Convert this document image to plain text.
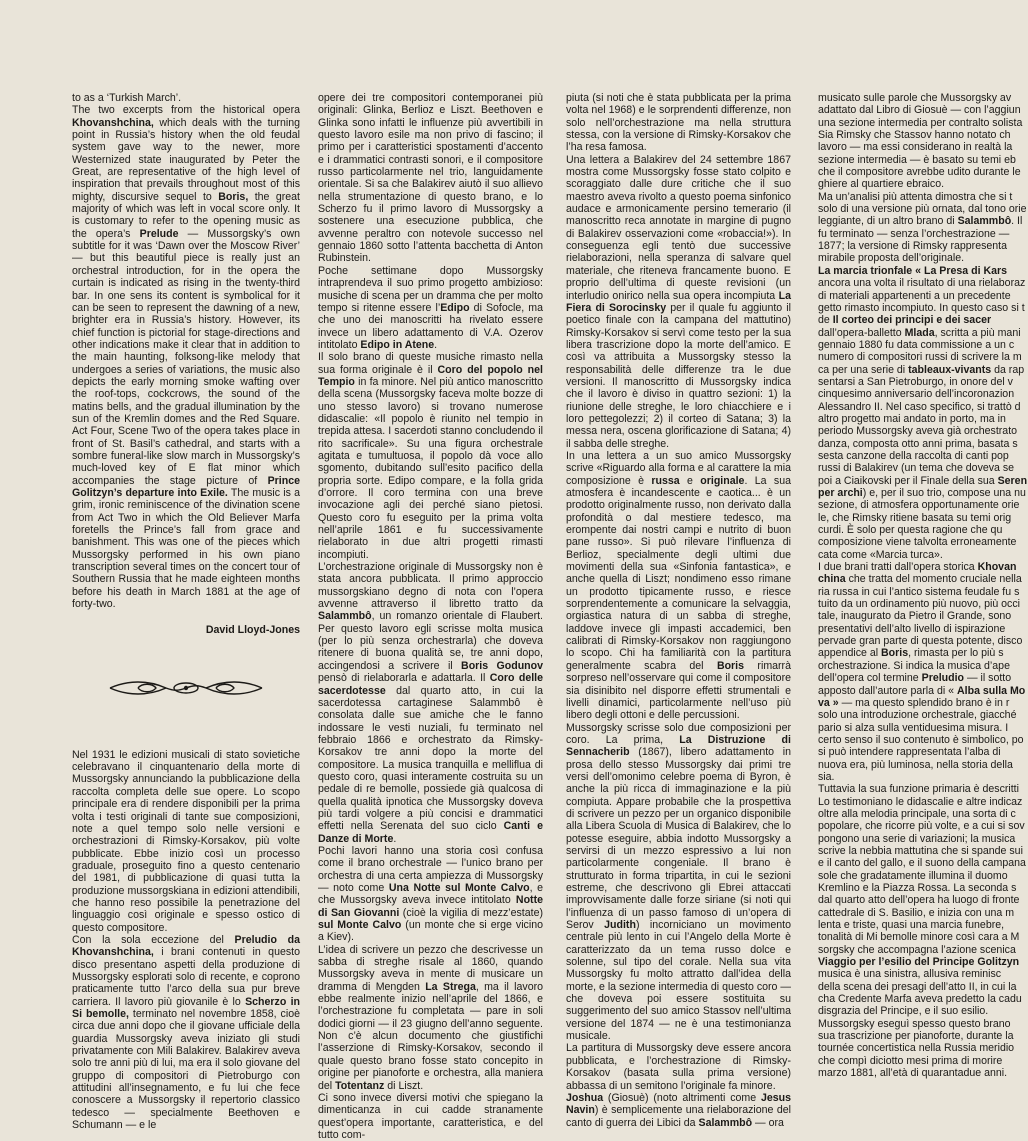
to as a ‘Turkish March’.

The two excerpts from the historical opera Khovanshchina, which deals with the turning point in Russia’s history when the old feudal system gave way to the newer, more Westernized state inaugurated by Peter the Great, are representative of the high level of inspiration that prevails throughout most of this mighty, discursive sequel to Boris, the great majority of which was left in vocal score only. It is customary to refer to the opening music as the opera’s Prelude — Mussorgsky’s own subtitle for it was ‘Dawn over the Moscow River’ — but this beautiful piece is really just an orchestral introduction, for in the opera the curtain is indicated as rising in the twenty-third bar. In one sens its content is symbolical for it can be seen to represent the dawning of a new, brighter era in Russia’s history. However, its chief function is pictorial for stage-directions and other indications make it clear that in addition to the main haunting, folksong-like melody that undergoes a series of variations, the music also depicts the early morning smoke wafting over the roof-tops, cockcrows, the sound of the matins bells, and the gradual illumination by the sun of the Kremlin domes and the Red Square. Act Four, Scene Two of the opera takes place in front of St. Basil’s cathedral, and starts with a sombre funeral-like slow march in Mussorgsky’s much-loved key of E flat minor which accompanies the stage picture of Prince Golitzyn’s departure into Exile. The music is a grim, ironic reminiscence of the divination scene from Act Two in which the Old Believer Marfa foretells the Prince’s fall from grace and banishment. This was one of the pieces which Mussorgsky performed in his own piano transcription several times on the concert tour of Southern Russia that he made eighteen months before his death in March 1881 at the age of forty-two.

David Lloyd-Jones

Nel 1931 le edizioni musicali di stato sovietiche celebravano il cinquantenario della morte di Mussorgsky annunciando la pubblicazione della raccolta completa delle sue opere. Lo scopo principale era di rendere disponibili per la prima volta i testi originali di tante sue composizioni, note a quel tempo solo nelle versioni e orchestrazioni di Rimsky-Korsakov, più volte pubblicate. Ebbe inizio così un processo graduale, proseguito fino a questo centenario del 1981, di pubblicazione di quasi tutta la produzione mussorgskiana in edizioni attendibili, che hanno reso possibile la penetrazione del linguaggio così originale e spesso ostico di questo compositore.

Con la sola eccezione del Preludio da Khovanshchina, i brani contenuti in questo disco presentano aspetti della produzione di Mussorgsky esplorati solo di recente, e coprono praticamente tutto l’arco della sua pur breve carriera. Il lavoro più giovanile è lo Scherzo in Si bemolle, terminato nel novembre 1858, cioè circa due anni dopo che il giovane ufficiale della guardia Mussorgsky aveva iniziato gli studi privatamente con Mili Balakirev. Balakirev aveva solo tre anni più di lui, ma era il solo giovane del gruppo di compositori di Pietroburgo con attitudini all’insegnamento, e fu lui che fece conoscere a Mussorgsky il repertorio classico tedesco — specialmente Beethoven e Schumann — e le

opere dei tre compositori contemporanei più originali: Glinka, Berlioz e Liszt. Beethoven e Glinka sono infatti le influenze più avvertibili in questo lavoro esile ma non privo di fascino; il primo per i caratteristici spostamenti d’accento e i drammatici contrasti sonori, e il compositore russo particolarmente nel trio, languidamente orientale. Si sa che Balakirev aiutò il suo allievo nella strumentazione di questo brano, e lo Scherzo fu il primo lavoro di Mussorgsky a sostenere una esecuzione pubblica, che avvenne peraltro con notevole successo nel gennaio 1860 sotto l’attenta bacchetta di Anton Rubinstein.

Poche settimane dopo Mussorgsky intraprendeva il suo primo progetto ambizioso: musiche di scena per un dramma che per molto tempo si ritenne essere l’Edipo di Sofocle, ma che uno dei manoscritti ha rivelato essere invece un libero adattamento di V.A. Ozerov intitolato Edipo in Atene.

Il solo brano di queste musiche rimasto nella sua forma originale è il Coro del popolo nel Tempio in fa minore. Nel più antico manoscritto della scena (Mussorgsky faceva molte bozze di uno stesso lavoro) si trovano numerose didascalie: «Il popolo è riunito nel tempio in trepida attesa. I sacerdoti stanno concludendo il rito sacrificale». Su una figura orchestrale agitata e tumultuosa, il popolo dà voce allo sgomento, dubitando sull’esito pacifico della propria sorte. Edipo compare, e la folla grida d’orrore. Il coro termina con una breve invocazione agli dei perché siano pietosi. Questo coro fu eseguito per la prima volta nell’aprile 1861 e fu successivamente rielaborato in due altri progetti rimasti incompiuti.

L’orchestrazione originale di Mussorgsky non è stata ancora pubblicata. Il primo approccio mussorgskiano degno di nota con l’opera avvenne attraverso il libretto tratto da Salammbô, un romanzo orientale di Flaubert. Per questo lavoro egli scrisse molta musica (per lo più senza orchestrarla) che doveva ritenere di buona qualità se, tre anni dopo, accingendosi a scrivere il Boris Godunov pensò di rielaborarla e adattarla. Il Coro delle sacerdotesse dal quarto atto, in cui la sacerdotessa cartaginese Salammbô è consolata dalle sue amiche che le fanno indossare le vesti nuziali, fu terminato nel febbraio 1866 e orchestrato da Rimsky-Korsakov tre anni dopo la morte del compositore. La musica tranquilla e melliflua di questo coro, quasi interamente costruita su un pedale di re bemolle, possiede già qualcosa di quella qualità ipnotica che Mussorgsky doveva più tardi volgere a più concisi e drammatici effetti nella Serenata del suo ciclo Canti e Danze di Morte.

Pochi lavori hanno una storia così confusa come il brano orchestrale — l’unico brano per orchestra di una certa ampiezza di Mussorgsky — noto come Una Notte sul Monte Calvo, e che Mussorgsky aveva invece intitolato Notte di San Giovanni (cioè la vigilia di mezz’estate) sul Monte Calvo (un monte che si erge vicino a Kiev).

L’idea di scrivere un pezzo che descrivesse un sabba di streghe risale al 1860, quando Mussorgsky aveva in mente di musicare un dramma di Mengden La Strega, ma il lavoro ebbe realmente inizio nell’aprile del 1866, e l’orchestrazione fu completata — pare in soli dodici giorni — il 23 giugno dell’anno seguente. Non c’è alcun documento che giustifichi l’asserzione di Rimsky-Korsakov, secondo il quale questo brano fosse stato concepito in origine per pianoforte e orchestra, alla maniera del Totentanz di Liszt.

Ci sono invece diversi motivi che spiegano la dimenticanza in cui cadde stranamente quest’opera importante, caratteristica, e del tutto com-

piuta (si noti che è stata pubblicata per la prima volta nel 1968) e le sorprendenti differenze, non solo nell’orchestrazione ma nella struttura stessa, con la versione di Rimsky-Korsakov che l’ha resa famosa.

Una lettera a Balakirev del 24 settembre 1867 mostra come Mussorgsky fosse stato colpito e scoraggiato dalle dure critiche che il suo maestro aveva rivolto a questo poema sinfonico audace e armonicamente persino temerario (il manoscritto reca annotate in margine di pugno di Balakirev osservazioni come «robaccia!»). In conseguenza egli tentò due successive rielaborazioni, nella speranza di salvare quel materiale, che riteneva francamente buono. E proprio dell’ultima di queste revisioni (un interludio onirico nella sua opera incompiuta La Fiera di Sorocinsky per il quale fu aggiunto il poetico finale con la campana del mattutino) Rimsky-Korsakov si servì come testo per la sua libera trascrizione dopo la morte dell’amico. E così va attribuita a Mussorgsky stesso la responsabilità delle differenze tra le due versioni. Il manoscritto di Mussorgsky indica che il lavoro è diviso in quattro sezioni: 1) la riunione delle streghe, le loro chiacchiere e i loro pettegolezzi; 2) il corteo di Satana; 3) la messa nera, oscena glorificazione di Satana; 4) il sabba delle streghe.

In una lettera a un suo amico Mussorgsky scrive «Riguardo alla forma e al carattere la mia composizione è russa e originale. La sua atmosfera è incandescente e caotica... è un prodotto originalmente russo, non derivato dalla profondità o dal mestiere tedesco, ma erompente dai nostri campi e nutrito di buon pane russo». Si può rilevare l’influenza di Berlioz, specialmente degli ultimi due movimenti della sua «Sinfonia fantastica», e anche quella di Liszt; nondimeno esso rimane un prodotto tipicamente russo, e riesce sorprendentemente a comunicare la selvaggia, orgiastica natura di un sabba di streghe, laddove invece gli impasti accademici, ben calibrati di Rimsky-Korsakov non raggiungono lo scopo. Chi ha familiarità con la partitura generalmente scabra del Boris rimarrà sorpreso nell’osservare qui come il compositore sia disinibito nel disporre effetti strumentali e livelli dinamici, particolarmente nell’uso più libero degli ottoni e delle percussioni.

Mussorgsky scrisse solo due composizioni per coro. La prima, La Distruzione di Sennacherib (1867), libero adattamento in prosa dello stesso Mussorgsky dai primi tre versi dell’omonimo celebre poema di Byron, è anche la più ricca di immaginazione e la più compiuta. Appare probabile che la prospettiva di scrivere un pezzo per un organico disponibile alla Libera Scuola di Musica di Balakirev, che lo potesse eseguire, abbia indotto Mussorgsky a servirsi di un mezzo espressivo a lui non particolarmente congeniale. Il brano è strutturato in forma tripartita, in cui le sezioni estreme, che descrivono gli Ebrei attaccati improvvisamente dalle forze siriane (si noti qui l’influenza di un passo famoso di un’opera di Serov Judith) incorniciano un movimento centrale più lento in cui l’Angelo della Morte è caratterizzato da un tema russo dolce e solenne, sul tipo del corale. Nella sua vita Mussorgsky fu molto attratto dall’idea della morte, e la sezione intermedia di questo coro — che doveva poi essere sostituita su suggerimento del suo amico Stassov nell’ultima versione del 1874 — ne è una testimonianza musicale.

La partitura di Mussorgsky deve essere ancora pubblicata, e l’orchestrazione di Rimsky-Korsakov (basata sulla prima versione) abbassa di un semitono l’originale fa minore.

Joshua (Giosuè) (noto altrimenti come Jesus Navin) è semplicemente una rielaborazione del canto di guerra dei Libici da Salammbô — ora

musicato sulle parole che Mussorgsky av
adattato dal Libro di Giosuè — con l’aggiun
una sezione intermedia per contralto solista
Sia Rimsky che Stassov hanno notato ch
lavoro — ma essi considerano in realtà la
sezione intermedia — è basato su temi eb
che il compositore avrebbe udito durante le
ghiere al quartiere ebraico.
Ma un’analisi più attenta dimostra che si t
solo di una versione più ornata, dal tono orie
leggiante, di un altro brano di Salammbô. Il
fu terminato — senza l’orchestrazione —
1877; la versione di Rimsky rappresenta
mirabile proposta dell’originale.
La marcia trionfale « La Presa di Kars
ancora una volta il risultato di una rielaboraz
di materiali appartenenti a un precedente
getto rimasto incompiuto. In questo caso si t
de Il corteo dei principi e dei sacer
dall’opera-balletto Mlada, scritta a più mani
gennaio 1880 fu data commissione a un c
numero di compositori russi di scrivere la m
ca per una serie di tableaux-vivants da rap
sentarsi a San Pietroburgo, in onore del v
cinquesimo anniversario dell’incoronazion
Alessandro II. Nel caso specifico, si trattò d
altro progetto mai andato in porto, ma in
periodo Mussorgsky aveva già orchestrato
danza, composta otto anni prima, basata s
sesta canzone della raccolta di canti pop
russi di Balakirev (un tema che doveva se
poi a Ciaikovski per il Finale della sua Seren
per archi) e, per il suo trio, compose una nu
sezione, di atmosfera opportunamente orie
le, che Rimsky ritiene basata su temi orig
curdi. È solo per questa ragione che qu
composizione viene talvolta erroneamente
cata come «Marcia turca».
I due brani tratti dall’opera storica Khovan
china che tratta del momento cruciale nella
ria russa in cui l’antico sistema feudale fu s
tuito da un ordinamento più nuovo, più occi
tale, inaugurato da Pietro il Grande, sono
presentativi dell’alto livello di ispirazione
pervade gran parte di questa potente, disco
appendice al Boris, rimasta per lo più s
orchestrazione. Si indica la musica d’ape
dell’opera col termine Preludio — il sotto
apposto dall’autore parla di « Alba sulla Mo
va » — ma questo splendido brano è in r
solo una introduzione orchestrale, giacché
pario si alza sulla ventiduesima misura. I
certo senso il suo contenuto è simbolico, po
si può intendere rappresentata l’alba di
nuova era, più luminosa, nella storia della
sia.
Tuttavia la sua funzione primaria è descritti
Lo testimoniano le didascalie e altre indicaz
oltre alla melodia principale, una sorta di c
popolare, che ricorre più volte, e a cui si sov
pongono una serie di variazioni; la musica
scrive la nebbia mattutina che si spande sui
e il canto del gallo, e il suono della campana
sole che gradatamente illumina il duomo
Kremlino e la Piazza Rossa. La seconda s
dal quarto atto dell’opera ha luogo di fronte
cattedrale di S. Basilio, e inizia con una m
lenta e triste, quasi una marcia funebre,
tonalità di Mi bemolle minore così cara a M
sorgsky che accompagna l’azione scenica
Viaggio per l’esilio del Principe Golitzyn
musica è una sinistra, allusiva reminisc
della scena dei presagi dell’atto II, in cui la
cha Credente Marfa aveva predetto la cadu
disgrazia del Principe, e il suo esilio.
Mussorgsky eseguì spesso questo brano
sua trascrizione per pianoforte, durante la
tournée concertistica nella Russia meridio
che compì diciotto mesi prima di morire
marzo 1881, all’età di quarantadue anni.
